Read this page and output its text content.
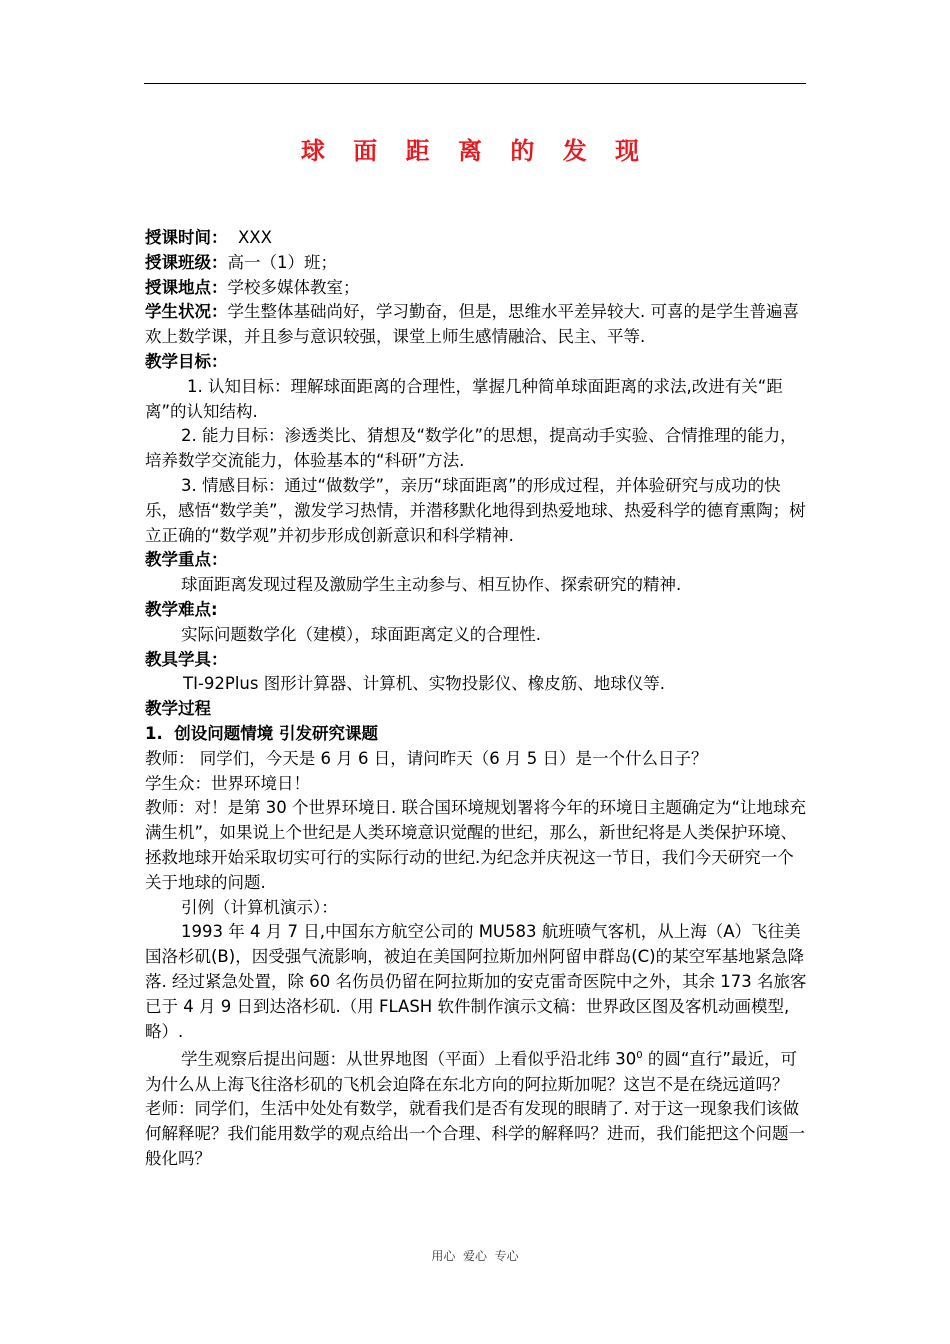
球 面 距 离 的 发 现

授课时间：  XXX

授课班级：高一（1）班；

授课地点：学校多媒体教室；

学生状况：学生整体基础尚好，学习勤奋，但是，思维水平差异较大. 可喜的是学生普遍喜欢上数学课，并且参与意识较强，课堂上师生感情融洽、民主、平等.

教学目标：

1. 认知目标：理解球面距离的合理性，掌握几种简单球面距离的求法,改进有关“距离”的认知结构.

2. 能力目标：渗透类比、猜想及“数学化”的思想，提高动手实验、合情推理的能力，培养数学交流能力，体验基本的“科研”方法.

3. 情感目标：通过“做数学”，亲历“球面距离”的形成过程，并体验研究与成功的快乐，感悟“数学美”，激发学习热情，并潜移默化地得到热爱地球、热爱科学的德育熏陶；树立正确的“数学观”并初步形成创新意识和科学精神.

教学重点：

球面距离发现过程及激励学生主动参与、相互协作、探索研究的精神.

教学难点:

实际问题数学化（建模），球面距离定义的合理性.

教具学具：

TI-92Plus 图形计算器、计算机、实物投影仪、橡皮筋、地球仪等.

教学过程

1.  创设问题情境 引发研究课题

教师： 同学们，今天是 6 月 6 日，请问昨天（6 月 5 日）是一个什么日子？

学生众：世界环境日！

教师：对！是第 30 个世界环境日. 联合国环境规划署将今年的环境日主题确定为“让地球充满生机”，如果说上个世纪是人类环境意识觉醒的世纪，那么，新世纪将是人类保护环境、拯救地球开始采取切实可行的实际行动的世纪.为纪念并庆祝这一节日，我们今天研究一个关于地球的问题.

引例（计算机演示）：

1993 年 4 月 7 日,中国东方航空公司的 MU583 航班喷气客机，从上海（A）飞往美国洛杉矶(B)，因受强气流影响，被迫在美国阿拉斯加州阿留申群岛(C)的某空军基地紧急降落. 经过紧急处置，除 60 名伤员仍留在阿拉斯加的安克雷奇医院中之外，其余 173 名旅客已于 4 月 9 日到达洛杉矶.（用 FLASH 软件制作演示文稿：世界政区图及客机动画模型,略）.

学生观察后提出问题：从世界地图（平面）上看似乎沿北纬 $30^0$ 的圆“直行”最近，可为什么从上海飞往洛杉矶的飞机会迫降在东北方向的阿拉斯加呢？这岂不是在绕远道吗？

老师：同学们，生活中处处有数学，就看我们是否有发现的眼睛了. 对于这一现象我们该做何解释呢？我们能用数学的观点给出一个合理、科学的解释吗？进而，我们能把这个问题一般化吗？

用心  爱心  专心
